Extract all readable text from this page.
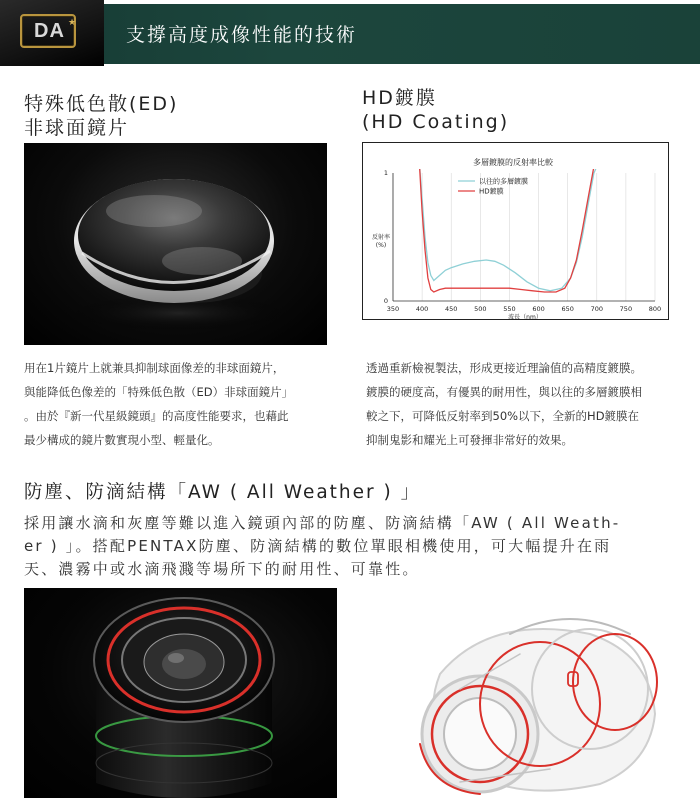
DA ★
支撐高度成像性能的技術
特殊低色散(ED)
非球面鏡片
用在1片鏡片上就兼具抑制球面像差的非球面鏡片，
與能降低色像差的「特殊低色散（ED）非球面鏡片」
。由於『新一代星級鏡頭』的高度性能要求，也藉此
最少構成的鏡片數實現小型、輕量化。
HD鍍膜
(HD Coating)
350	400	450	500	550	600	650	700	750	800
0
1
以往的多層鍍膜
HD鍍膜
多層鍍膜的反射率比較
反射率
(%)
波長（nm）
透過重新檢視製法，形成更接近理論值的高精度鍍膜。
鍍膜的硬度高，有優異的耐用性，與以往的多層鍍膜相
較之下，可降低反射率到50%以下，全新的HD鍍膜在
抑制鬼影和耀光上可發揮非常好的效果。
防塵、防滴結構「AW ( All Weather ) 」
採用讓水滴和灰塵等難以進入鏡頭內部的防塵、防滴結構「AW ( All Weath-
er ) 」。搭配PENTAX防塵、防滴結構的數位單眼相機使用，可大幅提升在雨
天、濃霧中或水滴飛濺等場所下的耐用性、可靠性。
